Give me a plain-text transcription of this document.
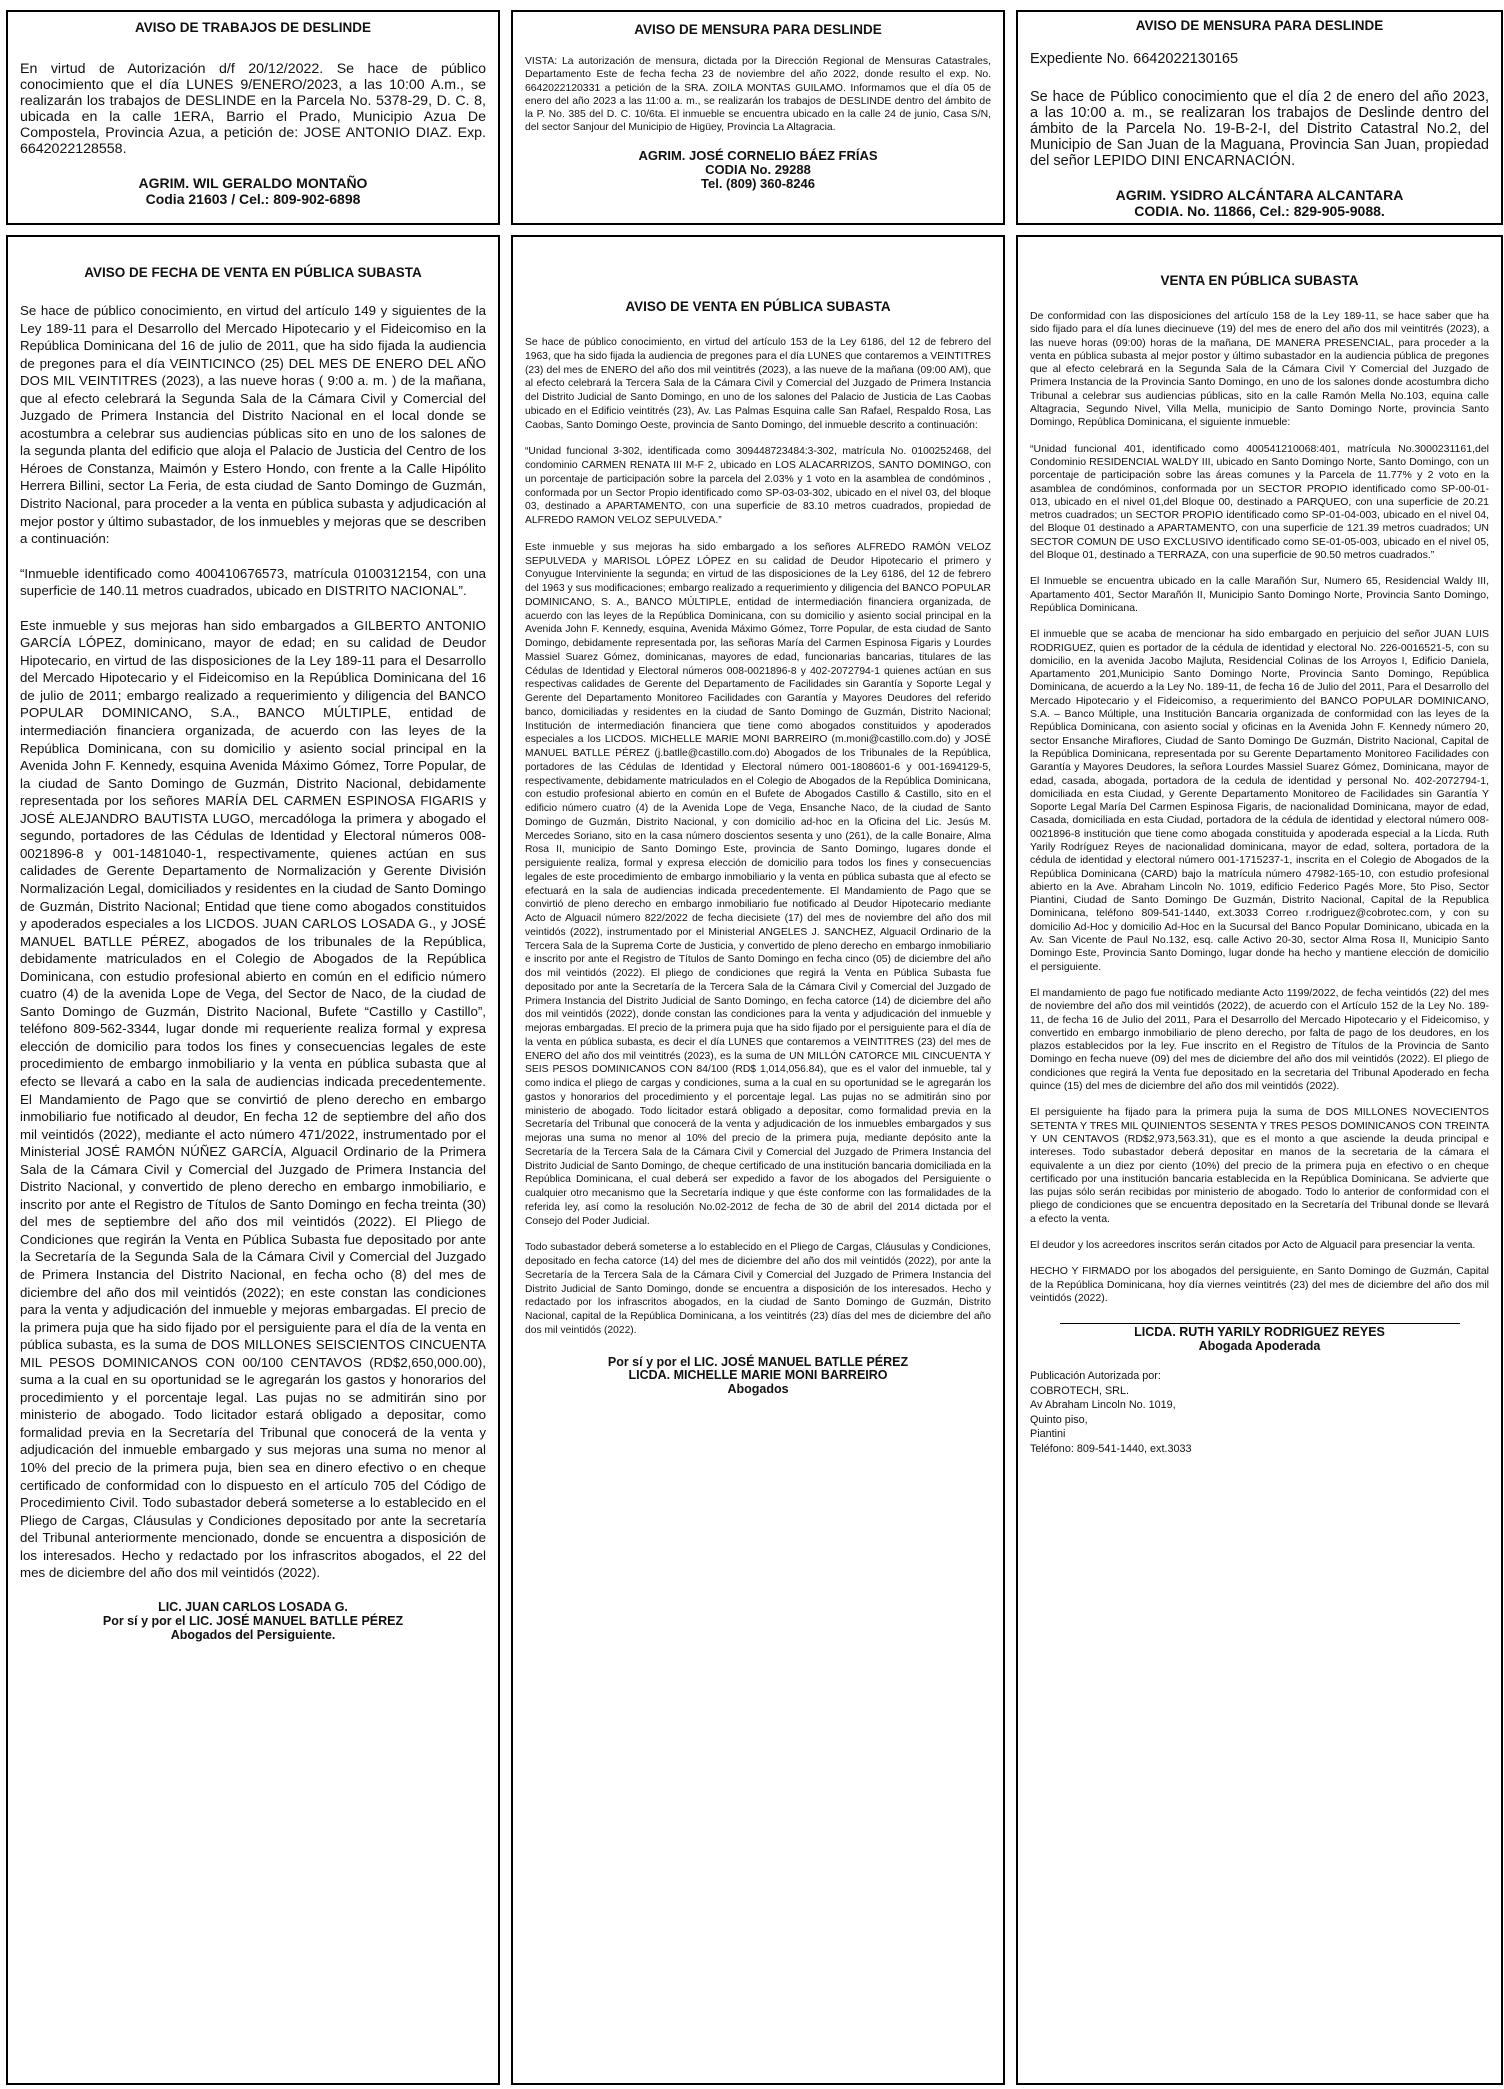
AVISO DE TRABAJOS DE DESLINDE

En virtud de Autorización d/f 20/12/2022. Se hace de público conocimiento que el día LUNES 9/ENERO/2023, a las 10:00 A.m., se realizarán los trabajos de DESLINDE en la Parcela No. 5378-29, D. C. 8, ubicada en la calle 1ERA, Barrio el Prado, Municipio Azua De Compostela, Provincia Azua, a petición de: JOSE ANTONIO DIAZ. Exp. 6642022128558.

AGRIM. WIL GERALDO MONTAÑO
Codia 21603 / Cel.: 809-902-6898
AVISO DE MENSURA PARA DESLINDE

VISTA: La autorización de mensura, dictada por la Dirección Regional de Mensuras Catastrales, Departamento Este de fecha fecha 23 de noviembre del año 2022, donde resulto el exp. No. 6642022120331 a petición de la SRA. ZOILA MONTAS GUILAMO. Informamos que el día 05 de enero del año 2023 a las 11:00 a. m., se realizarán los trabajos de DESLINDE dentro del ámbito de la P. No. 385 del D. C. 10/6ta. El inmueble se encuentra ubicado en la calle 24 de junio, Casa S/N, del sector Sanjour del Municipio de Higüey, Provincia La Altagracia.

AGRIM. JOSÉ CORNELIO BÁEZ FRÍAS
CODIA No. 29288
Tel. (809) 360-8246
AVISO DE MENSURA PARA DESLINDE

Expediente No. 6642022130165

Se hace de Público conocimiento que el día 2 de enero del año 2023, a las 10:00 a. m., se realizaran los trabajos de Deslinde dentro del ámbito de la Parcela No. 19-B-2-I, del Distrito Catastral No.2, del Municipio de San Juan de la Maguana, Provincia San Juan, propiedad del señor LEPIDO DINI ENCARNACIÓN.

AGRIM. YSIDRO ALCÁNTARA ALCANTARA
CODIA. No. 11866, Cel.: 829-905-9088.
AVISO DE FECHA DE VENTA EN PÚBLICA SUBASTA

Se hace de público conocimiento, en virtud del artículo 149 y siguientes de la Ley 189-11 para el Desarrollo del Mercado Hipotecario y el Fideicomiso en la República Dominicana del 16 de julio de 2011, que ha sido fijada la audiencia de pregones para el día VEINTICINCO (25) DEL MES DE ENERO DEL AÑO DOS MIL VEINTITRES (2023), a las nueve horas ( 9:00 a. m. ) de la mañana, que al efecto celebrará la Segunda Sala de la Cámara Civil y Comercial del Juzgado de Primera Instancia del Distrito Nacional en el local donde se acostumbra a celebrar sus audiencias públicas sito en uno de los salones de la segunda planta del edificio que aloja el Palacio de Justicia del Centro de los Héroes de Constanza, Maimón y Estero Hondo, con frente a la Calle Hipólito Herrera Billini, sector La Feria, de esta ciudad de Santo Domingo de Guzmán, Distrito Nacional, para proceder a la venta en pública subasta y adjudicación al mejor postor y último subastador, de los inmuebles y mejoras que se describen a continuación:

“Inmueble identificado como 400410676573, matrícula 0100312154, con una superficie de 140.11 metros cuadrados, ubicado en DISTRITO NACIONAL”.

Este inmueble y sus mejoras han sido embargados a GILBERTO ANTONIO GARCÍA LÓPEZ, dominicano, mayor de edad; en su calidad de Deudor Hipotecario, en virtud de las disposiciones de la Ley 189-11 para el Desarrollo del Mercado Hipotecario y el Fideicomiso en la República Dominicana del 16 de julio de 2011; embargo realizado a requerimiento y diligencia del BANCO POPULAR DOMINICANO, S.A., BANCO MÚLTIPLE, entidad de intermediación financiera organizada, de acuerdo con las leyes de la República Dominicana, con su domicilio y asiento social principal en la Avenida John F. Kennedy, esquina Avenida Máximo Gómez, Torre Popular, de la ciudad de Santo Domingo de Guzmán, Distrito Nacional, debidamente representada por los señores MARÍA DEL CARMEN ESPINOSA FIGARIS y JOSÉ ALEJANDRO BAUTISTA LUGO, mercadóloga la primera y abogado el segundo, portadores de las Cédulas de Identidad y Electoral números 008-0021896-8 y 001-1481040-1, respectivamente, quienes actúan en sus calidades de Gerente Departamento de Normalización y Gerente División Normalización Legal, domiciliados y residentes en la ciudad de Santo Domingo de Guzmán, Distrito Nacional; Entidad que tiene como abogados constituidos y apoderados especiales a los LICDOS. JUAN CARLOS LOSADA G., y JOSÉ MANUEL BATLLE PÉREZ, abogados de los tribunales de la República, debidamente matriculados en el Colegio de Abogados de la República Dominicana, con estudio profesional abierto en común en el edificio número cuatro (4) de la avenida Lope de Vega, del Sector de Naco, de la ciudad de Santo Domingo de Guzmán, Distrito Nacional, Bufete “Castillo y Castillo”, teléfono 809-562-3344, lugar donde mi requeriente realiza formal y expresa elección de domicilio para todos los fines y consecuencias legales de este procedimiento de embargo inmobiliario y la venta en pública subasta que al efecto se llevará a cabo en la sala de audiencias indicada precedentemente. El Mandamiento de Pago que se convirtió de pleno derecho en embargo inmobiliario fue notificado al deudor, En fecha 12 de septiembre del año dos mil veintidós (2022), mediante el acto número 471/2022, instrumentado por el Ministerial JOSÉ RAMÓN NÚÑEZ GARCÍA, Alguacil Ordinario de la Primera Sala de la Cámara Civil y Comercial del Juzgado de Primera Instancia del Distrito Nacional, y convertido de pleno derecho en embargo inmobiliario, e inscrito por ante el Registro de Títulos de Santo Domingo en fecha treinta (30) del mes de septiembre del año dos mil veintidós (2022). El Pliego de Condiciones que regirán la Venta en Pública Subasta fue depositado por ante la Secretaría de la Segunda Sala de la Cámara Civil y Comercial del Juzgado de Primera Instancia del Distrito Nacional, en fecha ocho (8) del mes de diciembre del año dos mil veintidós (2022); en este constan las condiciones para la venta y adjudicación del inmueble y mejoras embargadas. El precio de la primera puja que ha sido fijado por el persiguiente para el día de la venta en pública subasta, es la suma de DOS MILLONES SEISCIENTOS CINCUENTA MIL PESOS DOMINICANOS CON 00/100 CENTAVOS (RD$2,650,000.00), suma a la cual en su oportunidad se le agregarán los gastos y honorarios del procedimiento y el porcentaje legal. Las pujas no se admitirán sino por ministerio de abogado. Todo licitador estará obligado a depositar, como formalidad previa en la Secretaría del Tribunal que conocerá de la venta y adjudicación del inmueble embargado y sus mejoras una suma no menor al 10% del precio de la primera puja, bien sea en dinero efectivo o en cheque certificado de conformidad con lo dispuesto en el artículo 705 del Código de Procedimiento Civil. Todo subastador deberá someterse a lo establecido en el Pliego de Cargas, Cláusulas y Condiciones depositado por ante la secretaría del Tribunal anteriormente mencionado, donde se encuentra a disposición de los interesados. Hecho y redactado por los infrascritos abogados, el 22 del mes de diciembre del año dos mil veintidós (2022).

LIC. JUAN CARLOS LOSADA G.
Por sí y por el LIC. JOSÉ MANUEL BATLLE PÉREZ
Abogados del Persiguiente.
AVISO DE VENTA EN PÚBLICA SUBASTA

Se hace de público conocimiento, en virtud del artículo 153 de la Ley 6186, del 12 de febrero del 1963, que ha sido fijada la audiencia de pregones para el día LUNES que contaremos a VEINTITRES (23) del mes de ENERO del año dos mil veintitrés (2023), a las nueve de la mañana (09:00 AM), que al efecto celebrará la Tercera Sala de la Cámara Civil y Comercial del Juzgado de Primera Instancia del Distrito Judicial de Santo Domingo, en uno de los salones del Palacio de Justicia de Las Caobas ubicado en el Edificio veintitrés (23), Av. Las Palmas Esquina calle San Rafael, Respaldo Rosa, Las Caobas, Santo Domingo Oeste, provincia de Santo Domingo, del inmueble descrito a continuación:

“Unidad funcional 3-302, identificada como 309448723484:3-302, matrícula No. 0100252468, del condominio CARMEN RENATA III M-F 2, ubicado en LOS ALACARRIZOS, SANTO DOMINGO, con un porcentaje de participación sobre la parcela del 2.03% y 1 voto en la asamblea de condóminos , conformada por un Sector Propio identificado como SP-03-03-302, ubicado en el nivel 03, del bloque 03, destinado a APARTAMENTO, con una superficie de 83.10 metros cuadrados, propiedad de ALFREDO RAMON VELOZ SEPULVEDA.”

Este inmueble y sus mejoras ha sido embargado a los señores ALFREDO RAMÓN VELOZ SEPULVEDA y MARISOL LÓPEZ LÓPEZ en su calidad de Deudor Hipotecario el primero y Conyugue Interviniente la segunda; en virtud de las disposiciones de la Ley 6186, del 12 de febrero del 1963 y sus modificaciones; embargo realizado a requerimiento y diligencia del BANCO POPULAR DOMINICANO, S. A., BANCO MÚLTIPLE, entidad de intermediación financiera organizada, de acuerdo con las leyes de la República Dominicana, con su domicilio y asiento social principal en la Avenida John F. Kennedy, esquina, Avenida Máximo Gómez, Torre Popular, de esta ciudad de Santo Domingo, debidamente representada por, las señoras María del Carmen Espinosa Figaris y Lourdes Massiel Suarez Gómez, dominicanas, mayores de edad, funcionarias bancarias, titulares de las Cédulas de Identidad y Electoral números 008-0021896-8 y 402-2072794-1 quienes actúan en sus respectivas calidades de Gerente del Departamento de Facilidades sin Garantía y Soporte Legal y Gerente del Departamento Monitoreo Facilidades con Garantía y Mayores Deudores del referido banco, domiciliadas y residentes en la ciudad de Santo Domingo de Guzmán, Distrito Nacional; Institución de intermediación financiera que tiene como abogados constituidos y apoderados especiales a los LICDOS. MICHELLE MARIE MONI BARREIRO (m.moni@castillo.com.do) y JOSÉ MANUEL BATLLE PÉREZ (j.batlle@castillo.com.do) Abogados de los Tribunales de la República, portadores de las Cédulas de Identidad y Electoral número 001-1808601-6 y 001-1694129-5, respectivamente, debidamente matriculados en el Colegio de Abogados de la República Dominicana, con estudio profesional abierto en común en el Bufete de Abogados Castillo & Castillo, sito en el edificio número cuatro (4) de la Avenida Lope de Vega, Ensanche Naco, de la ciudad de Santo Domingo de Guzmán, Distrito Nacional, y con domicilio ad-hoc en la Oficina del Lic. Jesús M. Mercedes Soriano, sito en la casa número doscientos sesenta y uno (261), de la calle Bonaire, Alma Rosa II, municipio de Santo Domingo Este, provincia de Santo Domingo, lugares donde el persiguiente realiza, formal y expresa elección de domicilio para todos los fines y consecuencias legales de este procedimiento de embargo inmobiliario y la venta en pública subasta que al efecto se efectuará en la sala de audiencias indicada precedentemente. El Mandamiento de Pago que se convirtió de pleno derecho en embargo inmobiliario fue notificado al Deudor Hipotecario mediante Acto de Alguacil número 822/2022 de fecha diecisiete (17) del mes de noviembre del año dos mil veintidós (2022), instrumentado por el Ministerial ANGELES J. SANCHEZ, Alguacil Ordinario de la Tercera Sala de la Suprema Corte de Justicia, y convertido de pleno derecho en embargo inmobiliario e inscrito por ante el Registro de Títulos de Santo Domingo en fecha cinco (05) de diciembre del año dos mil veintidós (2022). El pliego de condiciones que regirá la Venta en Pública Subasta fue depositado por ante la Secretaría de la Tercera Sala de la Cámara Civil y Comercial del Juzgado de Primera Instancia del Distrito Judicial de Santo Domingo, en fecha catorce (14) de diciembre del año dos mil veintidós (2022), donde constan las condiciones para la venta y adjudicación del inmueble y mejoras embargadas. El precio de la primera puja que ha sido fijado por el persiguiente para el día de la venta en pública subasta, es decir el día LUNES que contaremos a VEINTITRES (23) del mes de ENERO del año dos mil veintitrés (2023), es la suma de UN MILLÓN CATORCE MIL CINCUENTA Y SEIS PESOS DOMINICANOS CON 84/100 (RD$ 1,014,056.84), que es el valor del inmueble, tal y como indica el pliego de cargas y condiciones, suma a la cual en su oportunidad se le agregarán los gastos y honorarios del procedimiento y el porcentaje legal. Las pujas no se admitirán sino por ministerio de abogado. Todo licitador estará obligado a depositar, como formalidad previa en la Secretaría del Tribunal que conocerá de la venta y adjudicación de los inmuebles embargados y sus mejoras una suma no menor al 10% del precio de la primera puja, mediante depósito ante la Secretaría de la Tercera Sala de la Cámara Civil y Comercial del Juzgado de Primera Instancia del Distrito Judicial de Santo Domingo, de cheque certificado de una institución bancaria domiciliada en la República Dominicana, el cual deberá ser expedido a favor de los abogados del Persiguiente o cualquier otro mecanismo que la Secretaría indique y que éste conforme con las formalidades de la referida ley, así como la resolución No.02-2012 de fecha de 30 de abril del 2014 dictada por el Consejo del Poder Judicial.

Todo subastador deberá someterse a lo establecido en el Pliego de Cargas, Cláusulas y Condiciones, depositado en fecha catorce (14) del mes de diciembre del año dos mil veintidós (2022), por ante la Secretaría de la Tercera Sala de la Cámara Civil y Comercial del Juzgado de Primera Instancia del Distrito Judicial de Santo Domingo, donde se encuentra a disposición de los interesados. Hecho y redactado por los infrascritos abogados, en la ciudad de Santo Domingo de Guzmán, Distrito Nacional, capital de la República Dominicana, a los veintitrés (23) días del mes de diciembre del año dos mil veintidós (2022).

Por sí y por el LIC. JOSÉ MANUEL BATLLE PÉREZ
LICDA. MICHELLE MARIE MONI BARREIRO
Abogados
VENTA EN PÚBLICA SUBASTA

De conformidad con las disposiciones del artículo 158 de la Ley 189-11, se hace saber que ha sido fijado para el día lunes diecinueve (19) del mes de enero del año dos mil veintitrés (2023), a las nueve horas (09:00) horas de la mañana, DE MANERA PRESENCIAL, para proceder a la venta en pública subasta al mejor postor y último subastador en la audiencia pública de pregones que al efecto celebrará en la Segunda Sala de la Cámara Civil Y Comercial del Juzgado de Primera Instancia de la Provincia Santo Domingo, en uno de los salones donde acostumbra dicho Tribunal a celebrar sus audiencias públicas, sito en la calle Ramón Mella No.103, equina calle Altagracia, Segundo Nivel, Villa Mella, municipio de Santo Domingo Norte, provincia Santo Domingo, República Dominicana, el siguiente inmueble:

“Unidad funcional 401, identificado como 400541210068:401, matrícula No.3000231161,del Condominio RESIDENCIAL WALDY III, ubicado en Santo Domingo Norte, Santo Domingo, con un porcentaje de participación sobre las áreas comunes y la Parcela de 11.77% y 2 voto en la asamblea de condóminos, conformada por un SECTOR PROPIO identificado como SP-00-01-013, ubicado en el nivel 01,del Bloque 00, destinado a PARQUEO, con una superficie de 20.21 metros cuadrados; un SECTOR PROPIO identificado como SP-01-04-003, ubicado en el nivel 04, del Bloque 01 destinado a APARTAMENTO, con una superficie de 121.39 metros cuadrados; UN SECTOR COMUN DE USO EXCLUSIVO identificado como SE-01-05-003, ubicado en el nivel 05, del Bloque 01, destinado a TERRAZA, con una superficie de 90.50 metros cuadrados.”

El Inmueble se encuentra ubicado en la calle Marañón Sur, Numero 65, Residencial Waldy III, Apartamento 401, Sector Marañón II, Municipio Santo Domingo Norte, Provincia Santo Domingo, República Dominicana.

El inmueble que se acaba de mencionar ha sido embargado en perjuicio del señor JUAN LUIS RODRIGUEZ, quien es portador de la cédula de identidad y electoral No. 226-0016521-5, con su domicilio, en la avenida Jacobo Majluta, Residencial Colinas de los Arroyos I, Edificio Daniela, Apartamento 201,Municipio Santo Domingo Norte, Provincia Santo Domingo, República Dominicana, de acuerdo a la Ley No. 189-11, de fecha 16 de Julio del 2011, Para el Desarrollo del Mercado Hipotecario y el Fideicomiso, a requerimiento del BANCO POPULAR DOMINICANO, S.A. – Banco Múltiple, una Institución Bancaria organizada de conformidad con las leyes de la República Dominicana, con asiento social y oficinas en la Avenida John F. Kennedy número 20, sector Ensanche Miraflores, Ciudad de Santo Domingo De Guzmán, Distrito Nacional, Capital de la República Dominicana, representada por su Gerente Departamento Monitoreo Facilidades con Garantía y Mayores Deudores, la señora Lourdes Massiel Suarez Gómez, Dominicana, mayor de edad, casada, abogada, portadora de la cedula de identidad y personal No. 402-2072794-1, domiciliada en esta Ciudad, y Gerente Departamento Monitoreo de Facilidades sin Garantía Y Soporte Legal María Del Carmen Espinosa Figaris, de nacionalidad Dominicana, mayor de edad, Casada, domiciliada en esta Ciudad, portadora de la cédula de identidad y electoral número 008-0021896-8 institución que tiene como abogada constituida y apoderada especial a la Licda. Ruth Yarily Rodríguez Reyes de nacionalidad dominicana, mayor de edad, soltera, portadora de la cédula de identidad y electoral número 001-1715237-1, inscrita en el Colegio de Abogados de la República Dominicana (CARD) bajo la matrícula número 47982-165-10, con estudio profesional abierto en la Ave. Abraham Lincoln No. 1019, edificio Federico Pagés More, 5to Piso, Sector Piantini, Ciudad de Santo Domingo De Guzmán, Distrito Nacional, Capital de la Republica Dominicana, teléfono 809-541-1440, ext.3033 Correo r.rodriguez@cobrotec.com, y con su domicilio Ad-Hoc y domicilio Ad-Hoc en la Sucursal del Banco Popular Dominicano, ubicada en la Av. San Vicente de Paul No.132, esq. calle Activo 20-30, sector Alma Rosa II, Municipio Santo Domingo Este, Provincia Santo Domingo, lugar donde ha hecho y mantiene elección de domicilio el persiguiente.

El mandamiento de pago fue notificado mediante Acto 1199/2022, de fecha veintidós (22) del mes de noviembre del año dos mil veintidós (2022), de acuerdo con el Artículo 152 de la Ley No. 189-11, de fecha 16 de Julio del 2011, Para el Desarrollo del Mercado Hipotecario y el Fideicomiso, y convertido en embargo inmobiliario de pleno derecho, por falta de pago de los deudores, en los plazos establecidos por la ley. Fue inscrito en el Registro de Títulos de la Provincia de Santo Domingo en fecha nueve (09) del mes de diciembre del año dos mil veintidós (2022). El pliego de condiciones que regirá la Venta fue depositado en la secretaria del Tribunal Apoderado en fecha quince (15) del mes de diciembre del año dos mil veintidós (2022).

El persiguiente ha fijado para la primera puja la suma de DOS MILLONES NOVECIENTOS SETENTA Y TRES MIL QUINIENTOS SESENTA Y TRES PESOS DOMINICANOS CON TREINTA Y UN CENTAVOS (RD$2,973,563.31), que es el monto a que asciende la deuda principal e intereses. Todo subastador deberá depositar en manos de la secretaria de la cámara el equivalente a un diez por ciento (10%) del precio de la primera puja en efectivo o en cheque certificado por una institución bancaria establecida en la República Dominicana. Se advierte que las pujas sólo serán recibidas por ministerio de abogado. Todo lo anterior de conformidad con el pliego de condiciones que se encuentra depositado en la Secretaría del Tribunal donde se llevará a efecto la venta.

El deudor y los acreedores inscritos serán citados por Acto de Alguacil para presenciar la venta.

HECHO Y FIRMADO por los abogados del persiguiente, en Santo Domingo de Guzmán, Capital de la República Dominicana, hoy día viernes veintitrés (23) del mes de diciembre del año dos mil veintidós (2022).

LICDA. RUTH YARILY RODRIGUEZ REYES
Abogada Apoderada
Publicación Autorizada por:
COBROTECH, SRL.
Av Abraham Lincoln No. 1019,
Quinto piso,
Piantini
Teléfono: 809-541-1440, ext.3033
